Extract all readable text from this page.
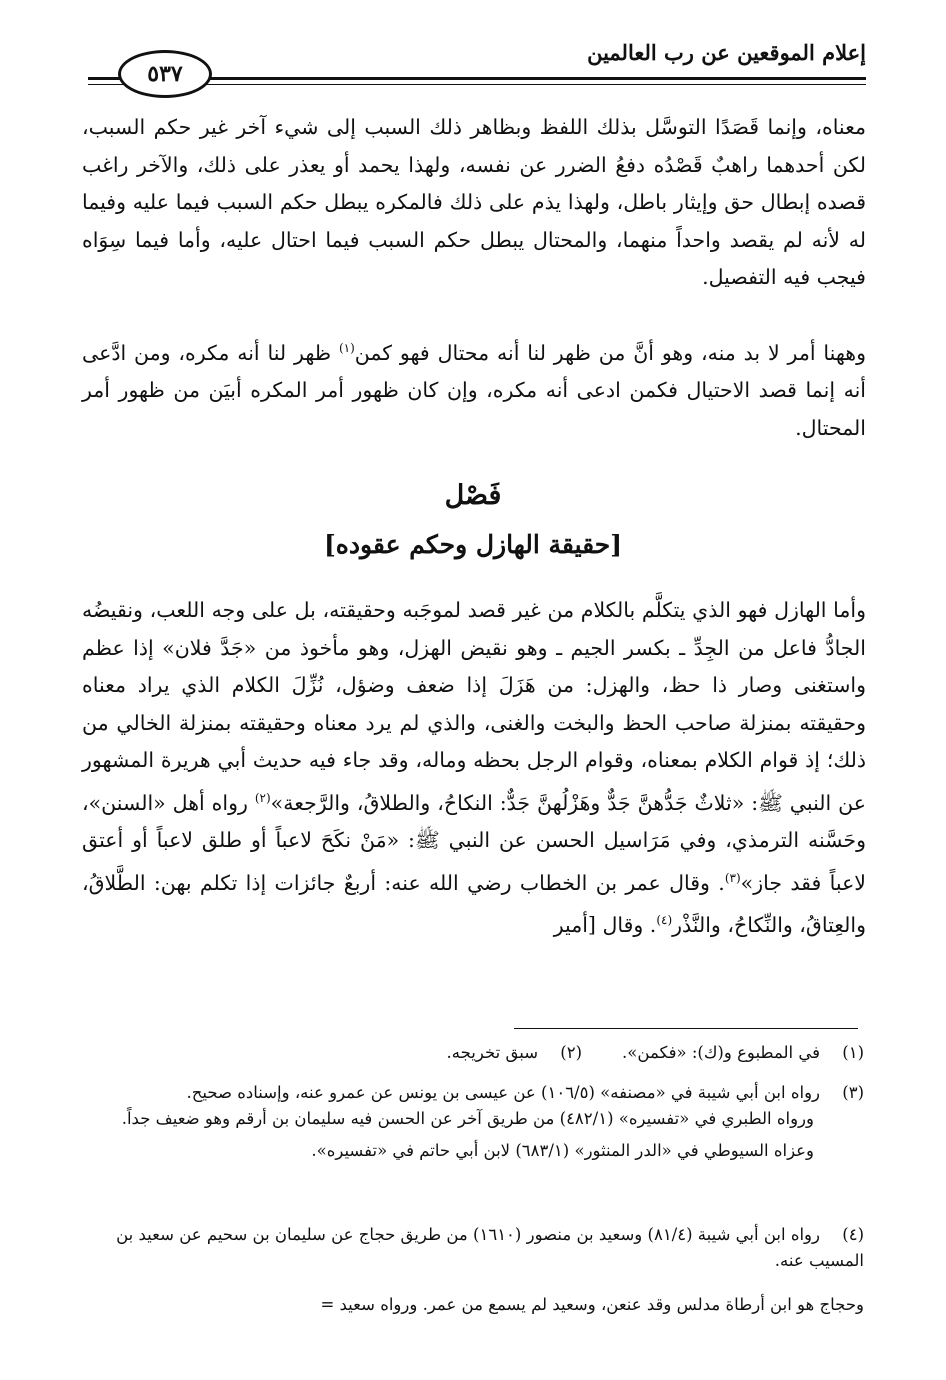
إعلام الموقعين عن رب العالمين
٥٣٧
معناه، وإنما قَصَدًا التوسَّل بذلك اللفظ وبظاهر ذلك السبب إلى شيء آخر غير حكم السبب، لكن أحدهما راهبٌ قَصْدُه دفعُ الضرر عن نفسه، ولهذا يحمد أو يعذر على ذلك، والآخر راغب قصده إبطال حق وإيثار باطل، ولهذا يذم على ذلك فالمكره يبطل حكم السبب فيما عليه وفيما له لأنه لم يقصد واحداً منهما، والمحتال يبطل حكم السبب فيما احتال عليه، وأما فيما سِوَاه فيجب فيه التفصيل.
وههنا أمر لا بد منه، وهو أنَّ من ظهر لنا أنه محتال فهو كمن$^{(١)}$ ظهر لنا أنه مكره، ومن ادَّعى أنه إنما قصد الاحتيال فكمن ادعى أنه مكره، وإن كان ظهور أمر المكره أبيَن من ظهور أمر المحتال.
فَصْل
[حقيقة الهازل وحكم عقوده]
وأما الهازل فهو الذي يتكلَّم بالكلام من غير قصد لموجَبه وحقيقته، بل على وجه اللعب، ونقيضُه الجادُّ فاعل من الجِدِّ ـ بكسر الجيم ـ وهو نقيض الهزل، وهو مأخوذ من «جَدَّ فلان» إذا عظم واستغنى وصار ذا حظ، والهزل: من هَزَلَ إذا ضعف وضؤل، نُزِّلَ الكلام الذي يراد معناه وحقيقته بمنزلة صاحب الحظ والبخت والغنى، والذي لم يرد معناه وحقيقته بمنزلة الخالي من ذلك؛ إذ قوام الكلام بمعناه، وقوام الرجل بحظه وماله، وقد جاء فيه حديث أبي هريرة المشهور عن النبي ﷺ: «ثلاثٌ جَدُّهنَّ جَدٌّ وهَزْلُهنَّ جَدٌّ: النكاحُ، والطلاقُ، والرَّجعة»$^{(٢)}$ رواه أهل «السنن»، وحَسَّنه الترمذي، وفي مَرَاسيل الحسن عن النبي ﷺ: «مَنْ نكَحَ لاعباً أو طلق لاعباً أو أعتق لاعباً فقد جاز»$^{(٣)}$. وقال عمر بن الخطاب رضي الله عنه: أربعٌ جائزات إذا تكلم بهن: الطَّلاقُ، والعِتاقُ، والنِّكاحُ، والنَّذْر$^{(٤)}$. وقال [أمير
(١)في المطبوع و(ك): «فكمن».(٢)سبق تخريجه.
(٣)رواه ابن أبي شيبة في «مصنفه» (١٠٦/٥) عن عيسى بن يونس عن عمرو عنه، وإسناده صحيح.
ورواه الطبري في «تفسيره» (٤٨٢/١) من طريق آخر عن الحسن فيه سليمان بن أرقم وهو ضعيف جداً.
وعزاه السيوطي في «الدر المنثور» (٦٨٣/١) لابن أبي حاتم في «تفسيره».
(٤)رواه ابن أبي شيبة (٨١/٤) وسعيد بن منصور (١٦١٠) من طريق حجاج عن سليمان بن سحيم عن سعيد بن المسيب عنه.
وحجاج هو ابن أرطاة مدلس وقد عنعن، وسعيد لم يسمع من عمر. ورواه سعيد =
